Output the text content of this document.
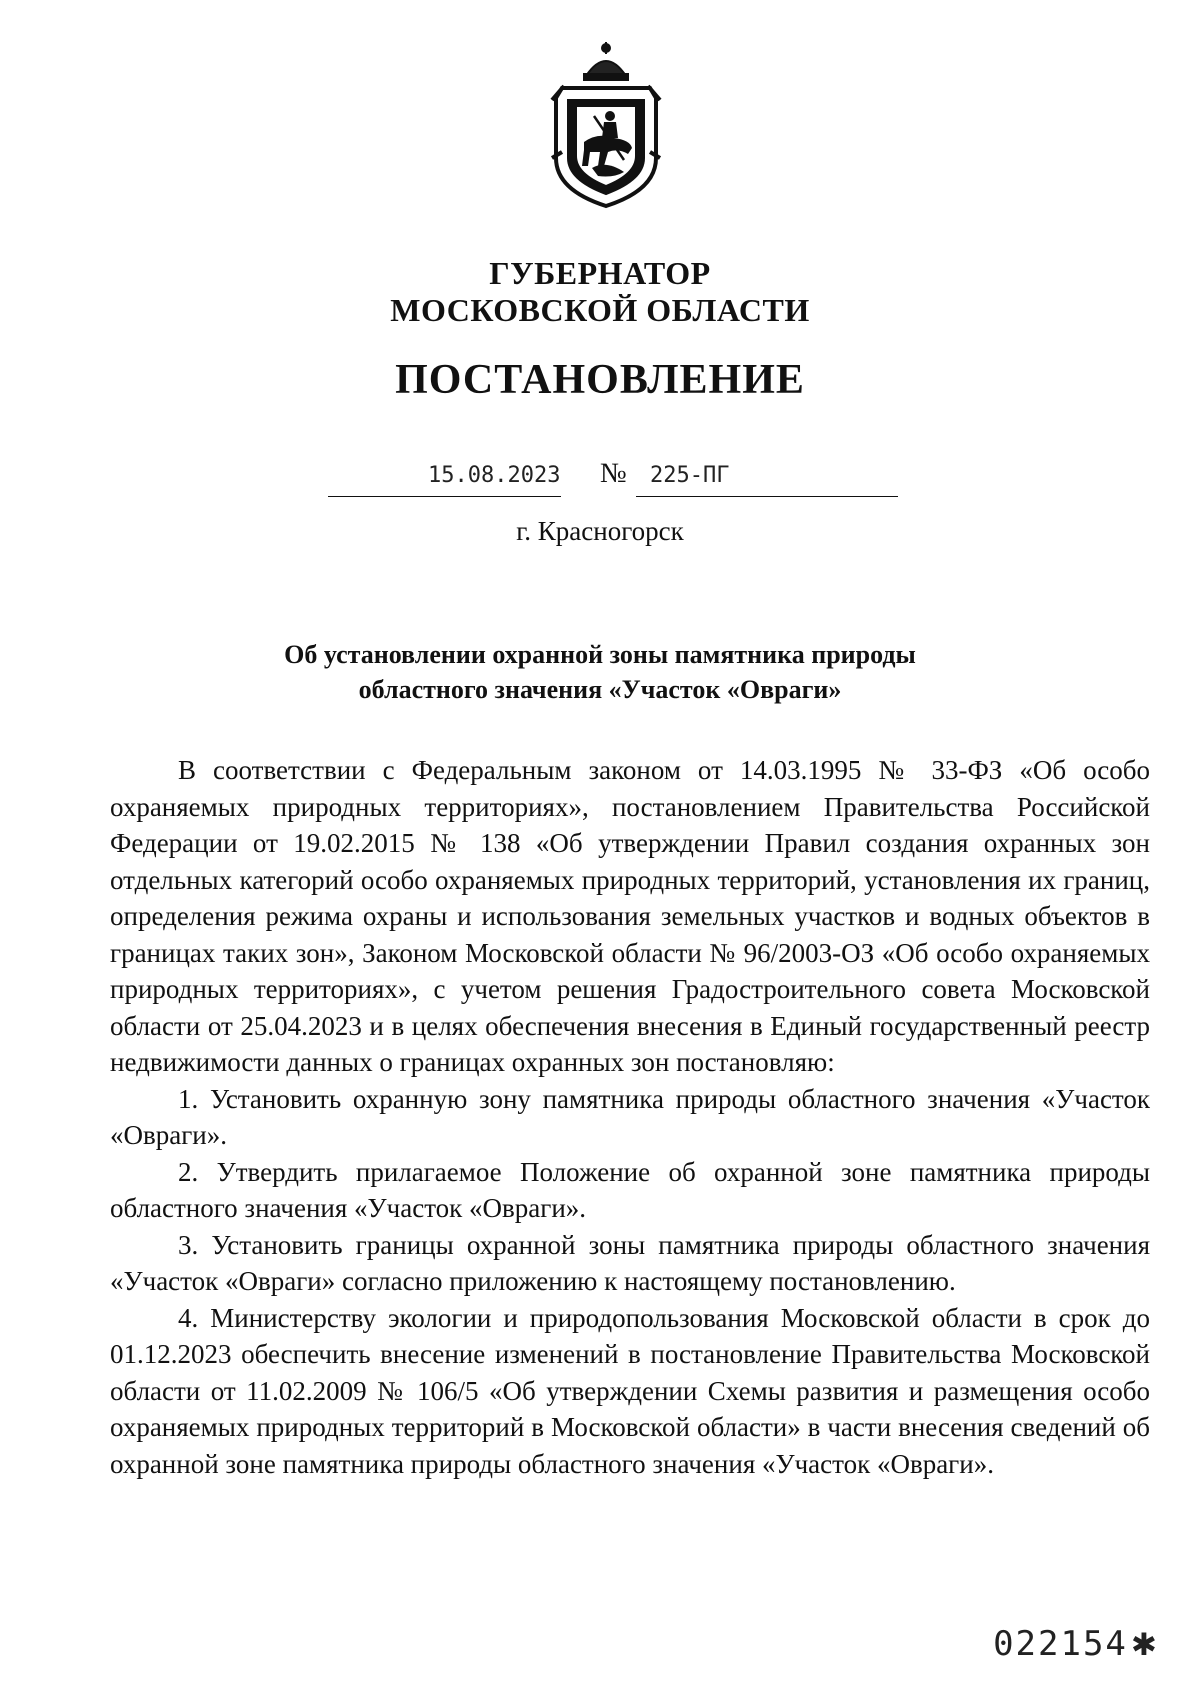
ГУБЕРНАТОР
МОСКОВСКОЙ ОБЛАСТИ
ПОСТАНОВЛЕНИЕ
15.08.2023 № 225-ПГ
г. Красногорск
Об установлении охранной зоны памятника природы
областного значения «Участок «Овраги»

В соответствии с Федеральным законом от 14.03.1995 № 33-ФЗ «Об особо охраняемых природных территориях», постановлением Правительства Российской Федерации от 19.02.2015 № 138 «Об утверждении Правил создания охранных зон отдельных категорий особо охраняемых природных территорий, установления их границ, определения режима охраны и использования земельных участков и водных объектов в границах таких зон», Законом Московской области № 96/2003-ОЗ «Об особо охраняемых природных территориях», с учетом решения Градостроительного совета Московской области от 25.04.2023 и в целях обеспечения внесения в Единый государственный реестр недвижимости данных о границах охранных зон постановляю:

1. Установить охранную зону памятника природы областного значения «Участок «Овраги».

2. Утвердить прилагаемое Положение об охранной зоне памятника природы областного значения «Участок «Овраги».

3. Установить границы охранной зоны памятника природы областного значения «Участок «Овраги» согласно приложению к настоящему постановлению.

4. Министерству экологии и природопользования Московской области в срок до 01.12.2023 обеспечить внесение изменений в постановление Правительства Московской области от 11.02.2009 № 106/5 «Об утверждении Схемы развития и размещения особо охраняемых природных территорий в Московской области» в части внесения сведений об охранной зоне памятника природы областного значения «Участок «Овраги».

022154 ✱
